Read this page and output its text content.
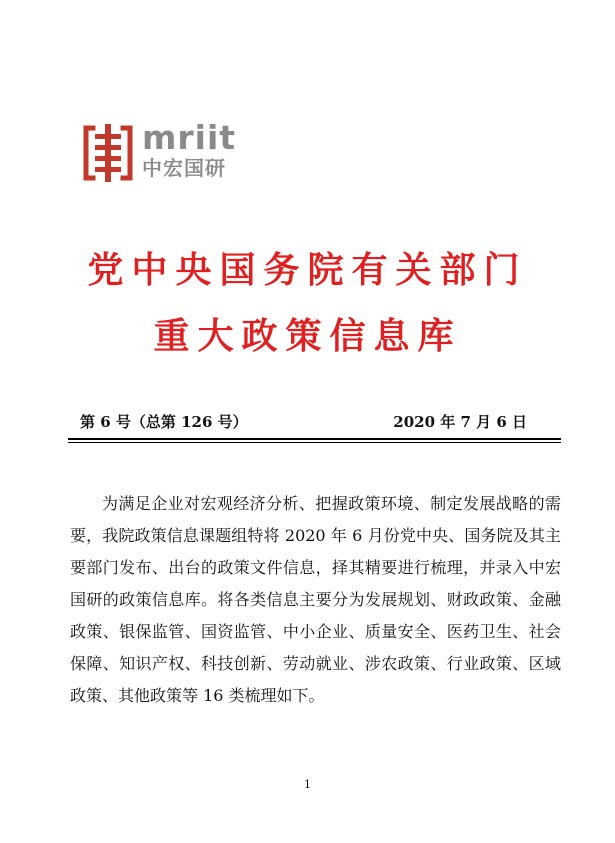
mriit
中宏国研
党中央国务院有关部门
重大政策信息库
第 6 号（总第 126 号）	2020 年 7 月 6 日

为满足企业对宏观经济分析、把握政策环境、制定发展战略的需要，我院政策信息课题组特将 2020 年 6 月份党中央、国务院及其主要部门发布、出台的政策文件信息，择其精要进行梳理，并录入中宏国研的政策信息库。将各类信息主要分为发展规划、财政政策、金融政策、银保监管、国资监管、中小企业、质量安全、医药卫生、社会保障、知识产权、科技创新、劳动就业、涉农政策、行业政策、区域政策、其他政策等 16 类梳理如下。

1
